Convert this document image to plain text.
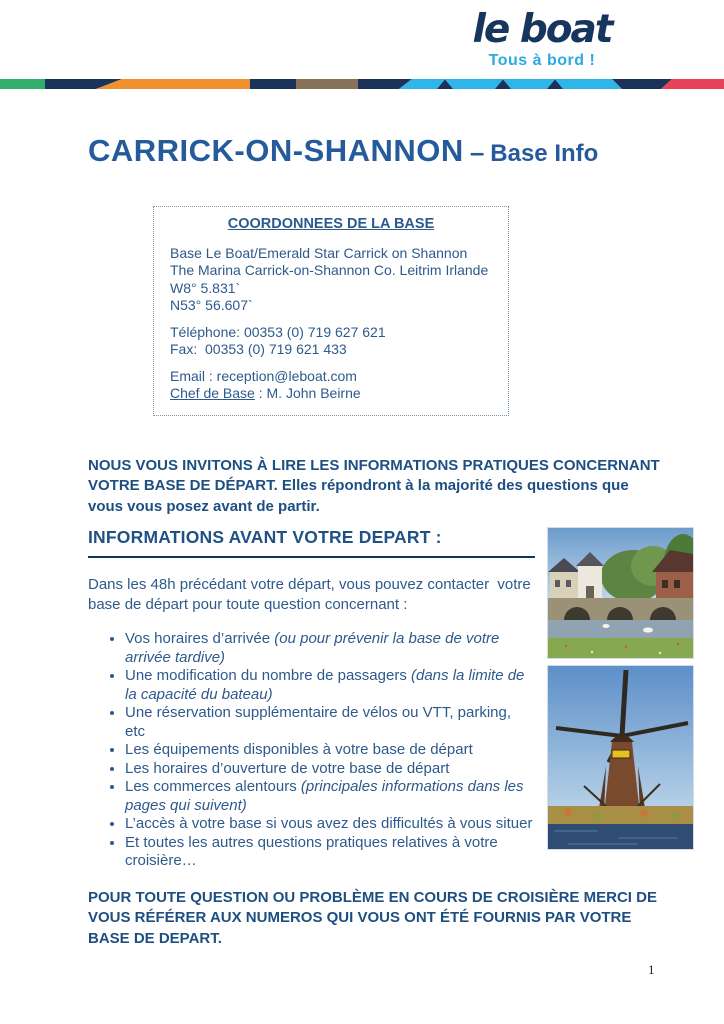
le boat
Tous à bord !
CARRICK-ON-SHANNON – Base Info
COORDONNEES DE LA BASE
Base Le Boat/Emerald Star Carrick on Shannon
The Marina Carrick-on-Shannon Co. Leitrim Irlande
W8° 5.831`
N53° 56.607`
Téléphone: 00353 (0) 719 627 621
Fax:  00353 (0) 719 621 433
Email : reception@leboat.com
Chef de Base : M. John Beirne

NOUS VOUS INVITONS À LIRE LES INFORMATIONS PRATIQUES CONCERNANT VOTRE BASE DE DÉPART. Elles répondront à la majorité des questions que vous vous posez avant de partir.

INFORMATIONS AVANT VOTRE DEPART :

Dans les 48h précédant votre départ, vous pouvez contacter  votre base de départ pour toute question concernant :

• Vos horaires d’arrivée (ou pour prévenir la base de votre arrivée tardive)
• Une modification du nombre de passagers (dans la limite de la capacité du bateau)
• Une réservation supplémentaire de vélos ou VTT, parking, etc
• Les équipements disponibles à votre base de départ
• Les horaires d’ouverture de votre base de départ
• Les commerces alentours (principales informations dans les pages qui suivent)
• L’accès à votre base si vous avez des difficultés à vous situer
• Et toutes les autres questions pratiques relatives à votre croisière…

POUR TOUTE QUESTION OU PROBLÈME EN COURS DE CROISIÈRE MERCI DE VOUS RÉFÉRER AUX NUMEROS QUI VOUS ONT ÉTÉ FOURNIS PAR VOTRE BASE DE DEPART.

1
